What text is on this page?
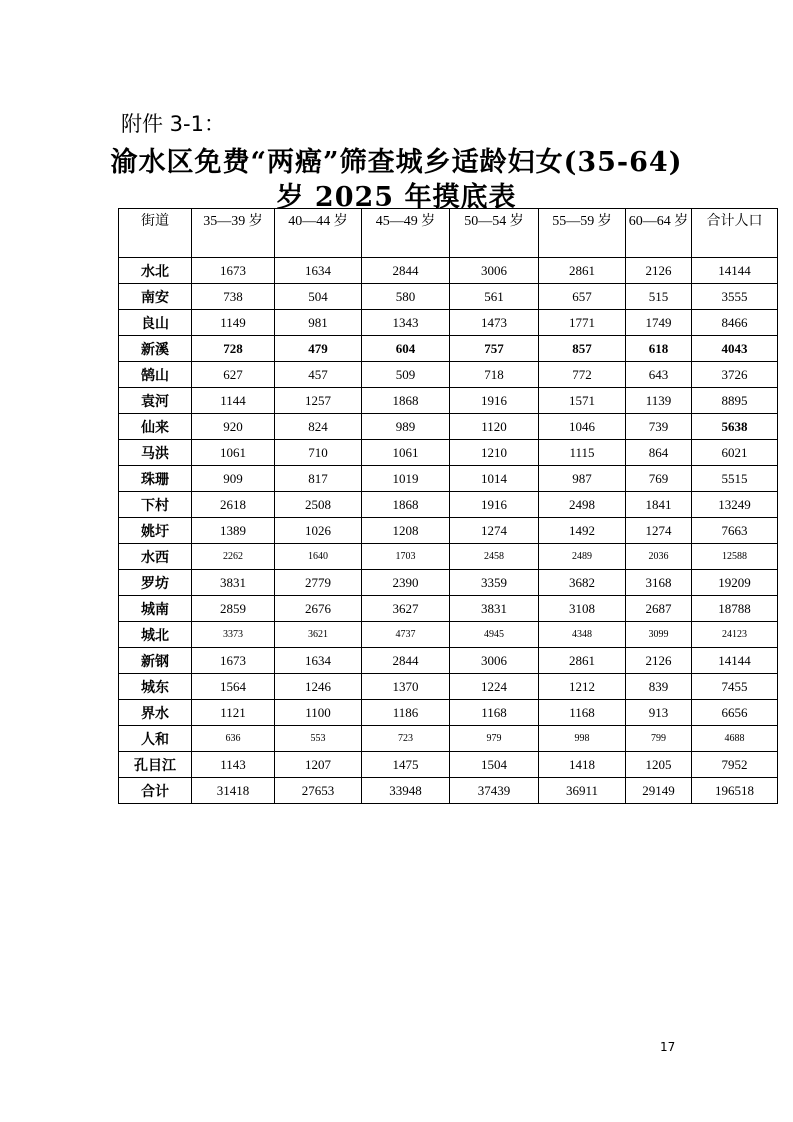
附件 3-1：
渝水区免费“两癌”筛查城乡适龄妇女(35-64)
岁 2025 年摸底表
街道	35—39 岁	40—44 岁	45—49 岁	50—54 岁	55—59 岁	60—64 岁	合计人口
水北	1673	1634	2844	3006	2861	2126	14144
南安	738	504	580	561	657	515	3555
良山	1149	981	1343	1473	1771	1749	8466
新溪	728	479	604	757	857	618	4043
鹄山	627	457	509	718	772	643	3726
袁河	1144	1257	1868	1916	1571	1139	8895
仙来	920	824	989	1120	1046	739	5638
马洪	1061	710	1061	1210	1115	864	6021
珠珊	909	817	1019	1014	987	769	5515
下村	2618	2508	1868	1916	2498	1841	13249
姚圩	1389	1026	1208	1274	1492	1274	7663
水西	2262	1640	1703	2458	2489	2036	12588
罗坊	3831	2779	2390	3359	3682	3168	19209
城南	2859	2676	3627	3831	3108	2687	18788
城北	3373	3621	4737	4945	4348	3099	24123
新钢	1673	1634	2844	3006	2861	2126	14144
城东	1564	1246	1370	1224	1212	839	7455
界水	1121	1100	1186	1168	1168	913	6656
人和	636	553	723	979	998	799	4688
孔目江	1143	1207	1475	1504	1418	1205	7952
合计	31418	27653	33948	37439	36911	29149	196518
17
